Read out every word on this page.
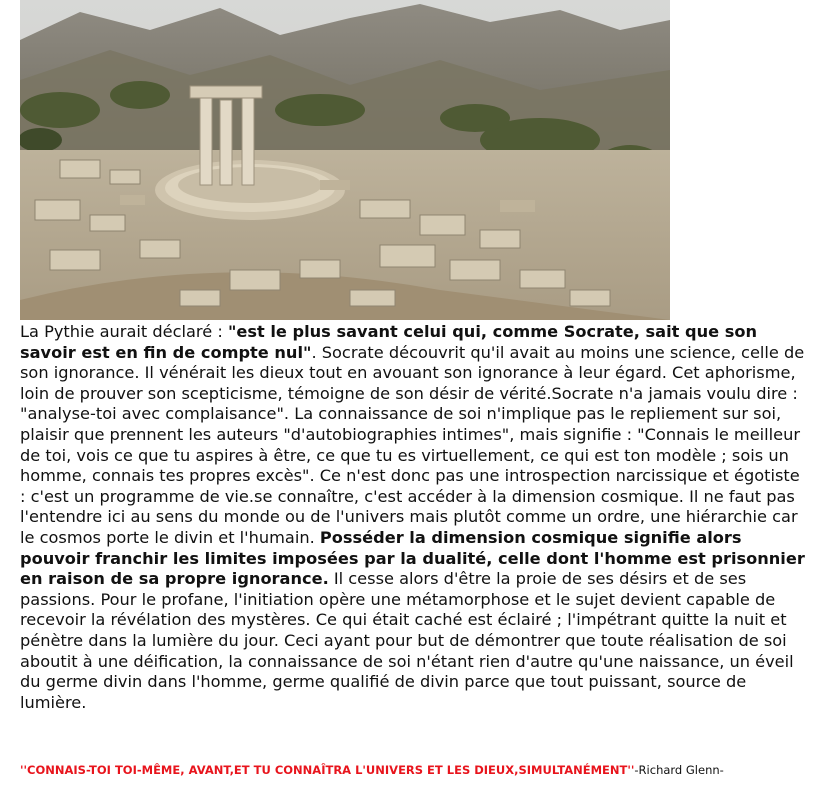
La Pythie aurait déclaré : "est le plus savant celui qui, comme Socrate, sait que son savoir est en fin de compte nul". Socrate découvrit qu'il avait au moins une science, celle de son ignorance. Il vénérait les dieux tout en avouant son ignorance à leur égard. Cet aphorisme, loin de prouver son scepticisme, témoigne de son désir de vérité.Socrate n'a jamais voulu dire : "analyse-toi avec complaisance". La connaissance de soi n'implique pas le repliement sur soi, plaisir que prennent les auteurs "d'autobiographies intimes", mais signifie : "Connais le meilleur de toi, vois ce que tu aspires à être, ce que tu es virtuellement, ce qui est ton modèle ; sois un homme, connais tes propres excès". Ce n'est donc pas une introspection narcissique et égotiste : c'est un programme de vie.se connaître, c'est accéder à la dimension cosmique. Il ne faut pas l'entendre ici au sens du monde ou de l'univers mais plutôt comme un ordre, une hiérarchie car le cosmos porte le divin et l'humain. Posséder la dimension cosmique signifie alors pouvoir franchir les limites imposées par la dualité, celle dont l'homme est prisonnier en raison de sa propre ignorance. Il cesse alors d'être la proie de ses désirs et de ses passions. Pour le profane, l'initiation opère une métamorphose et le sujet devient capable de recevoir la révélation des mystères. Ce qui était caché est éclairé ; l'impétrant quitte la nuit et pénètre dans la lumière du jour. Ceci ayant pour but de démontrer que toute réalisation de soi aboutit à une déification, la connaissance de soi n'étant rien d'autre qu'une naissance, un éveil du germe divin dans l'homme, germe qualifié de divin parce que tout puissant, source de lumière.

''CONNAIS-TOI TOI-MÊME, AVANT,ET TU CONNAÎTRA L'UNIVERS ET LES DIEUX,SIMULTANÉMENT''-Richard Glenn-
